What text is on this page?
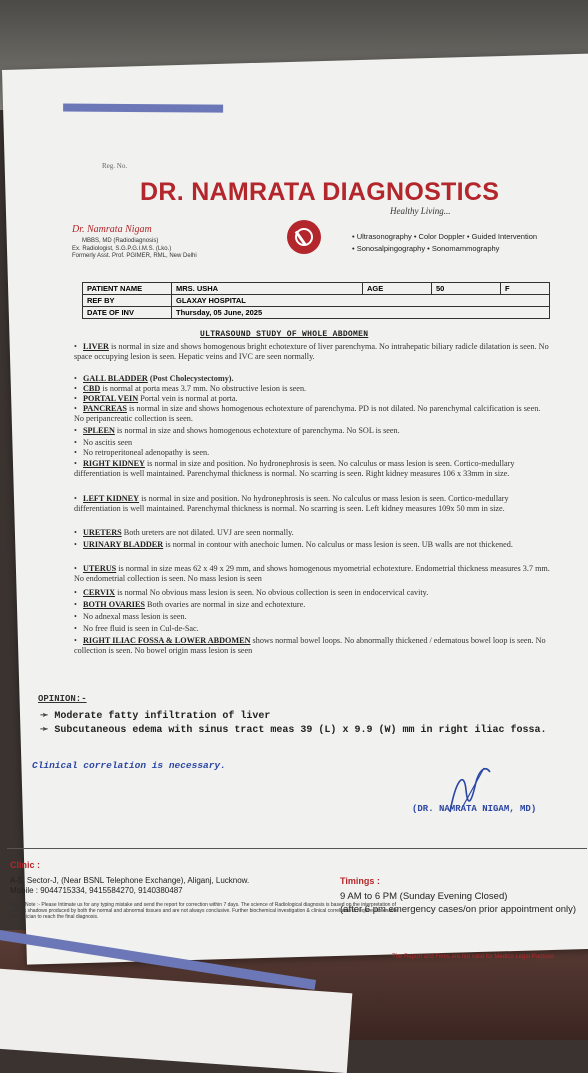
Reg. No.
DR. NAMRATA DIAGNOSTICS
Healthy Living...
Dr. Namrata Nigam
MBBS, MD (Radiodiagnosis)
Ex. Radiologist, S.G.P.G.I.M.S. (Lko.)
Formerly Asst. Prof. PGIMER, RML, New Delhi
• Ultrasonography • Color Doppler • Guided Intervention
• Sonosalpingography • Sonomammography
PATIENT NAME	MRS. USHA	AGE	50	F
REF BY	GLAXAY HOSPITAL			
DATE OF INV	Thursday, 05 June, 2025			
ULTRASOUND STUDY OF WHOLE ABDOMEN
• LIVER is normal in size and shows homogenous bright echotexture of liver parenchyma. No intrahepatic biliary radicle dilatation is seen. No space occupying lesion is seen. Hepatic veins and IVC are seen normally.
• GALL BLADDER (Post Cholecystectomy).
• CBD is normal at porta meas 3.7 mm. No obstructive lesion is seen.
• PORTAL VEIN Portal vein is normal at porta.
• PANCREAS is normal in size and shows homogenous echotexture of parenchyma. PD is not dilated. No parenchymal calcification is seen. No peripancreatic collection is seen.
• SPLEEN is normal in size and shows homogenous echotexture of parenchyma. No SOL is seen.
• No ascitis seen
• No retroperitoneal adenopathy is seen.
• RIGHT KIDNEY is normal in size and position. No hydronephrosis is seen. No calculus or mass lesion is seen. Cortico-medullary differentiation is well maintained. Parenchymal thickness is normal. No scarring is seen. Right kidney measures 106 x 33mm in size.
• LEFT KIDNEY is normal in size and position. No hydronephrosis is seen. No calculus or mass lesion is seen. Cortico-medullary differentiation is well maintained. Parenchymal thickness is normal. No scarring is seen. Left kidney measures 109x 50 mm in size.
• URETERS Both ureters are not dilated. UVJ are seen normally.
• URINARY BLADDER is normal in contour with anechoic lumen. No calculus or mass lesion is seen. UB walls are not thickened.
• UTERUS is normal in size meas 62 x 49 x 29 mm, and shows homogenous myometrial echotexture. Endometrial thickness measures 3.7 mm. No endometrial collection is seen. No mass lesion is seen
• CERVIX is normal No obvious mass lesion is seen. No obvious collection is seen in endocervical cavity.
• BOTH OVARIES Both ovaries are normal in size and echotexture.
• No adnexal mass lesion is seen.
• No free fluid is seen in Cul-de-Sac.
• RIGHT ILIAC FOSSA & LOWER ABDOMEN shows normal bowel loops. No abnormally thickened / edematous bowel loop is seen. No collection is seen. No bowel origin mass lesion is seen
OPINION:-
➛ Moderate fatty infiltration of liver
➛ Subcutaneous edema with sinus tract meas 39 (L) x 9.9 (W) mm in right iliac fossa.
Clinical correlation is necessary.
(DR. NAMRATA NIGAM, MD)
Clinic :
A-5, Sector-J, (Near BSNL Telephone Exchange), Aliganj, Lucknow.
Mobile : 9044715334, 9415584270, 9140380487
Kindly Note :- Please Intimate us for any typing mistake and send the report for correction within 7 days. The science of Radiological diagnosis is based on the interpretation of various shadows produced by both the normal and abnormal tissues and are not always conclusive. Further biochemical investigation & clinical correlation is required to enable the clinician to reach the final diagnosis.
Timings :
9 AM to 6 PM (Sunday Evening Closed)
(after 6 pm emergency cases/on prior appointment only)
The Report and Films are not valid for Medico Legal Purpose
